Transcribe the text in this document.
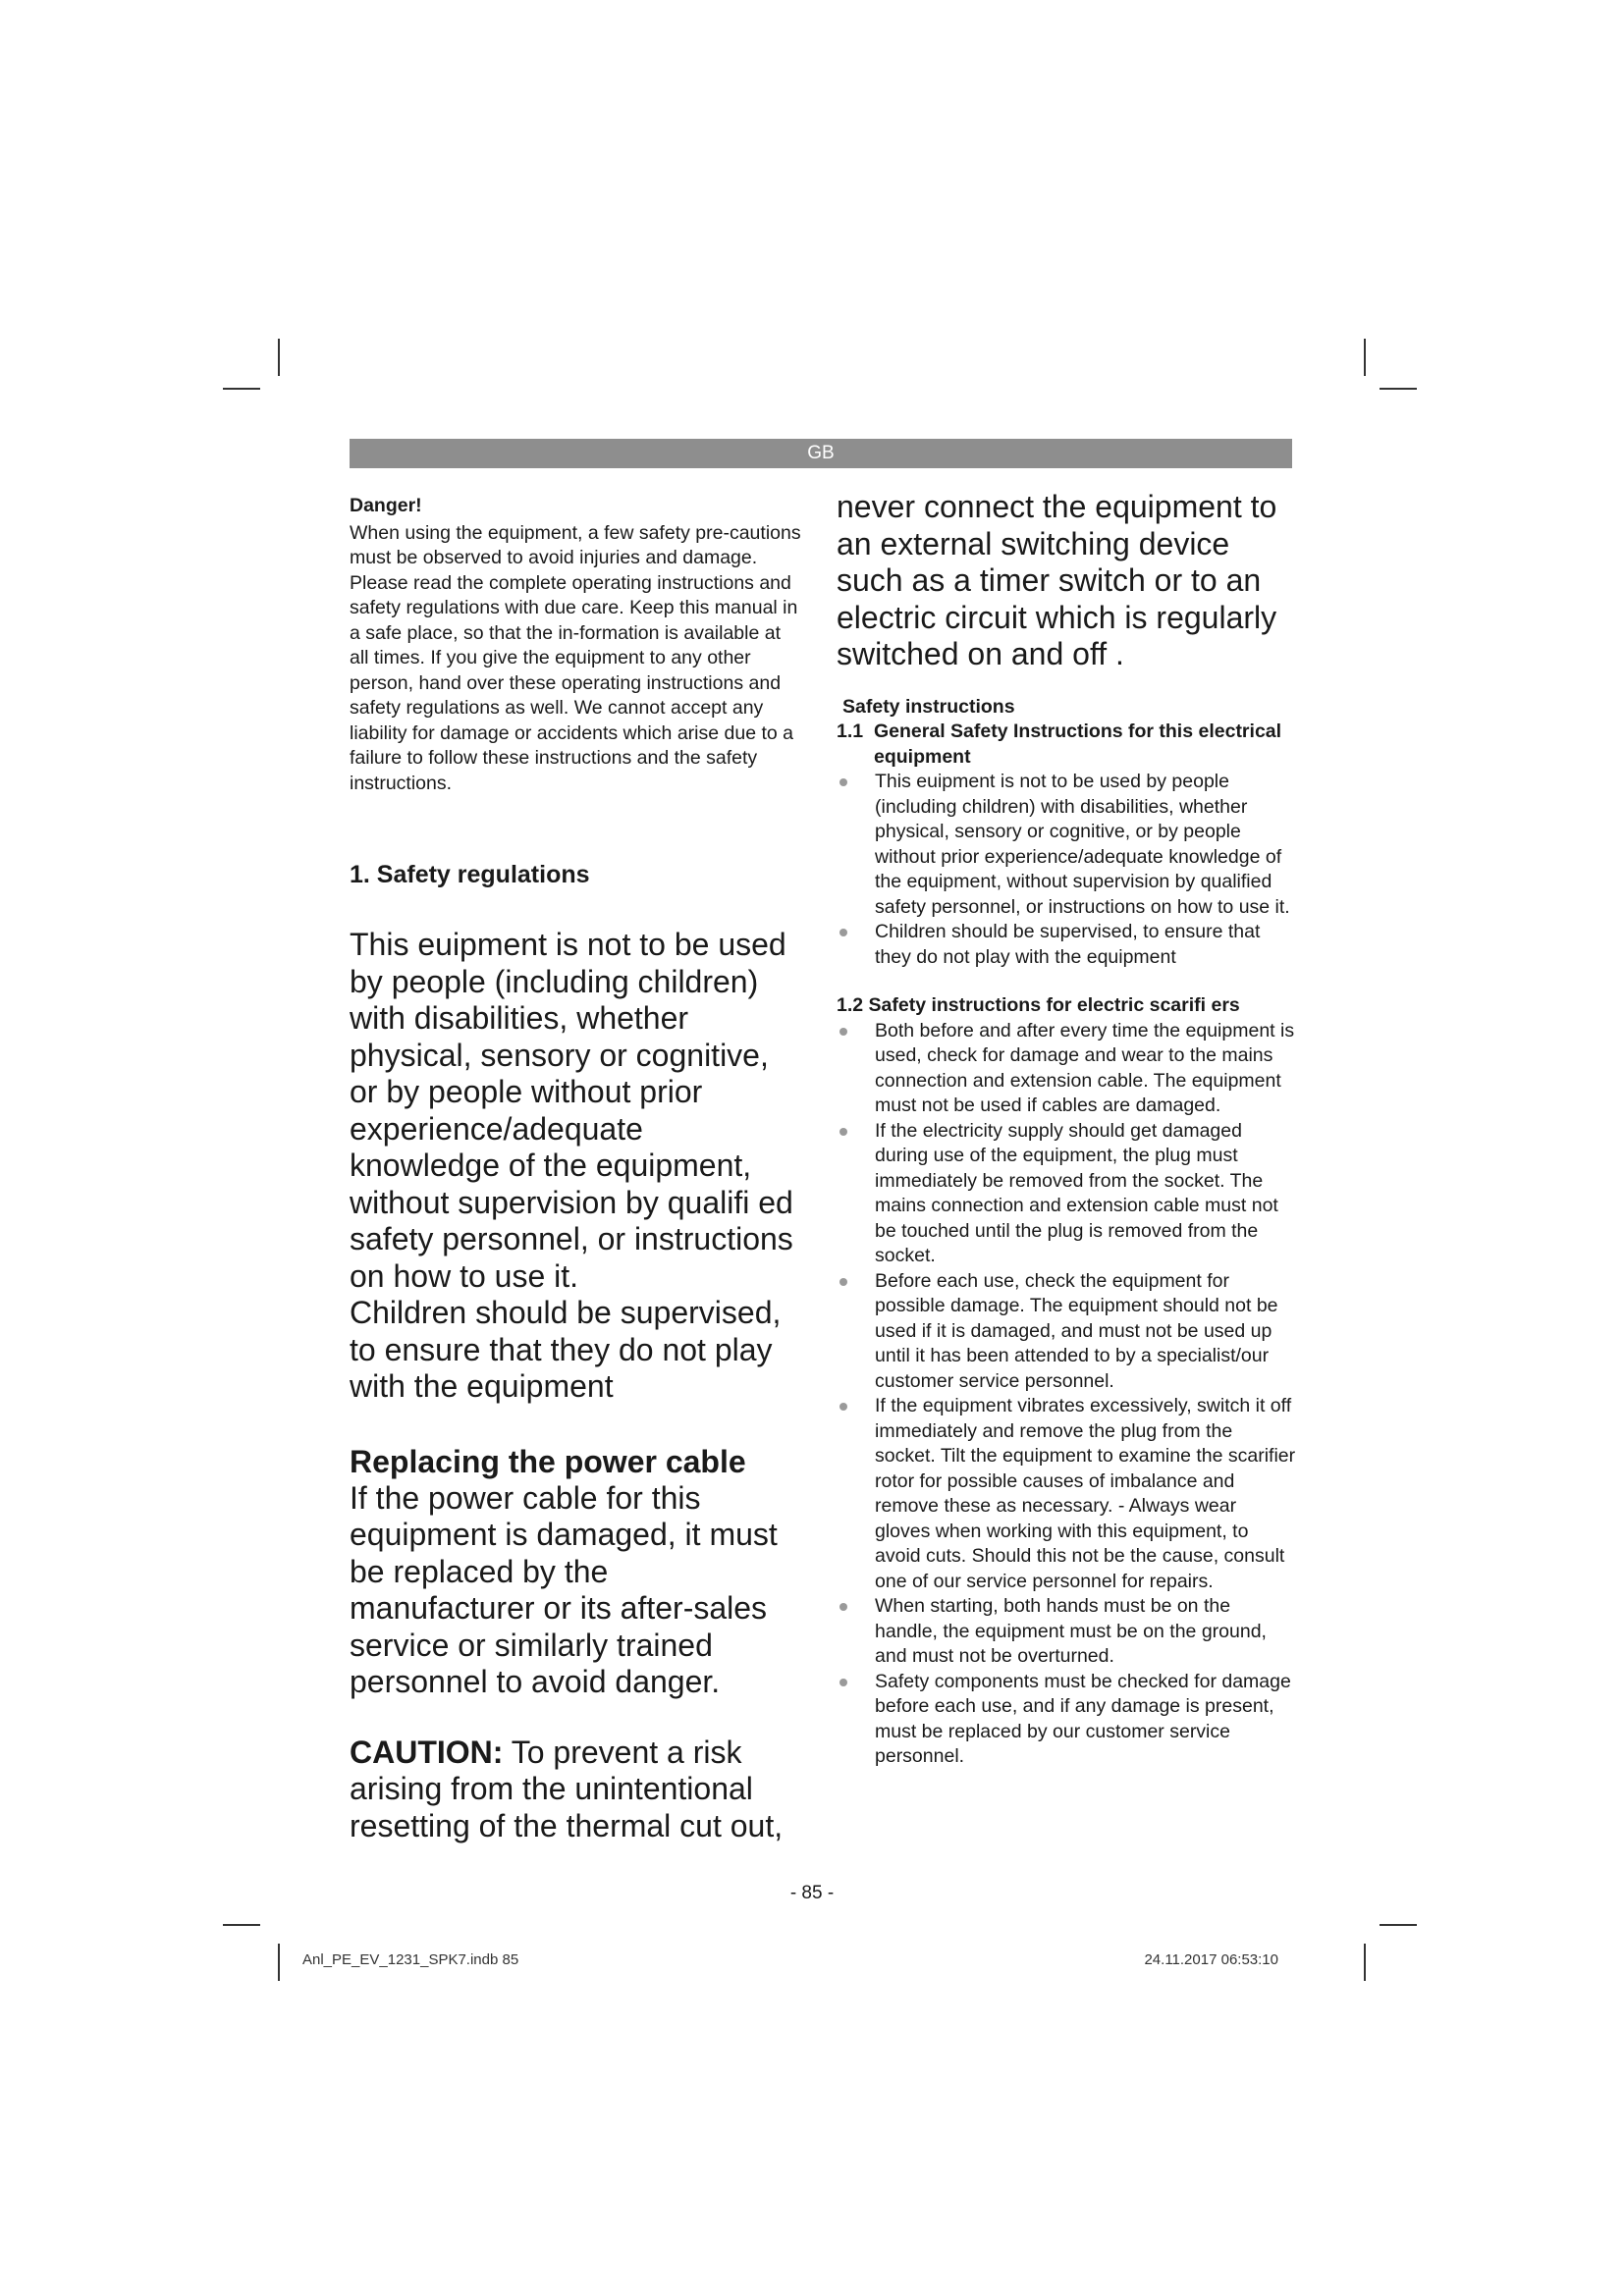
GB

Danger!

When using the equipment, a few safety pre-cautions must be observed to avoid injuries and damage. Please read the complete operating instructions and safety regulations with due care. Keep this manual in a safe place, so that the in-formation is available at all times. If you give the equipment to any other person, hand over these operating instructions and safety regulations as well. We cannot accept any liability for damage or accidents which arise due to a failure to follow these instructions and the safety instructions.

1. Safety regulations

This euipment is not to be used by people (including children) with disabilities, whether physical, sensory or cognitive, or by people without prior experience/adequate knowledge of the equipment, without supervision by qualifi ed safety personnel, or instructions on how to use it.

Children should be supervised, to ensure that they do not play with the equipment

Replacing the power cable

If the power cable for this equipment is damaged, it must be replaced by the manufacturer or its after-sales service or similarly trained personnel to avoid danger.

CAUTION: To prevent a risk arising from the unintentional resetting of the thermal cut out,

never connect the equipment to an external switching device such as a timer switch or to an electric circuit which is regularly switched on and off .

Safety instructions

1.1 General Safety Instructions for this electrical equipment
This euipment is not to be used by people (including children) with disabilities, whether physical, sensory or cognitive, or by people without prior experience/adequate knowledge of the equipment, without supervision by qualified safety personnel, or instructions on how to use it.
Children should be supervised, to ensure that they do not play with the equipment

1.2 Safety instructions for electric scarifi ers

Both before and after every time the equipment is used, check for damage and wear to the mains connection and extension cable. The equipment must not be used if cables are damaged.
If the electricity supply should get damaged during use of the equipment, the plug must immediately be removed from the socket. The mains connection and extension cable must not be touched until the plug is removed from the socket.
Before each use, check the equipment for possible damage. The equipment should not be used if it is damaged, and must not be used up until it has been attended to by a specialist/our customer service personnel.
If the equipment vibrates excessively, switch it off immediately and remove the plug from the socket. Tilt the equipment to examine the scarifier rotor for possible causes of imbalance and remove these as necessary. - Always wear gloves when working with this equipment, to avoid cuts. Should this not be the cause, consult one of our service personnel for repairs.
When starting, both hands must be on the handle, the equipment must be on the ground, and must not be overturned.
Safety components must be checked for damage before each use, and if any damage is present, must be replaced by our customer service personnel.
- 85 -
Anl_PE_EV_1231_SPK7.indb 85	24.11.2017 06:53:10
